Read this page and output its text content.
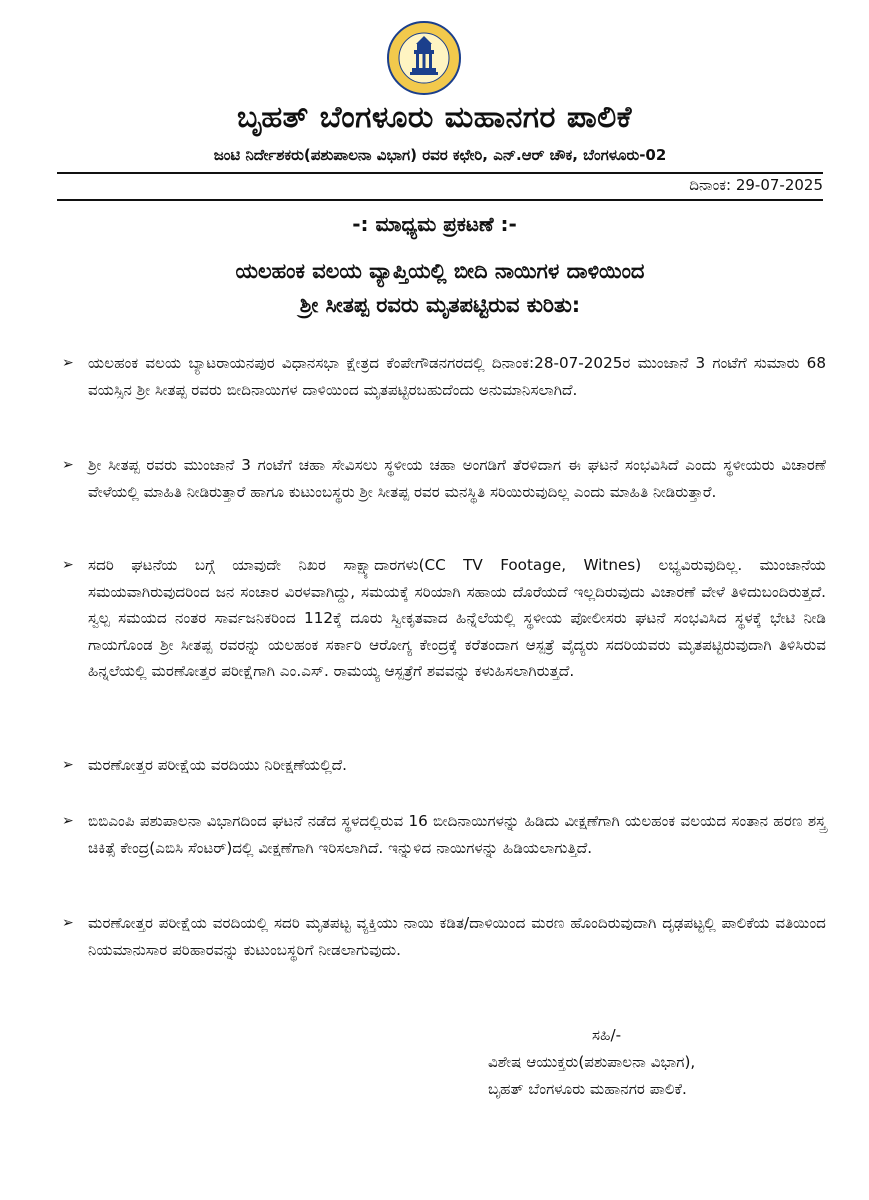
ಬೃಹತ್ ಬೆಂಗಳೂರು ಮಹಾನಗರ ಪಾಲಿಕೆ
ಜಂಟಿ ನಿರ್ದೇಶಕರು(ಪಶುಪಾಲನಾ ವಿಭಾಗ) ರವರ ಕಛೇರಿ, ಎನ್.ಆರ್ ಚೌಕ, ಬೆಂಗಳೂರು-02
ದಿನಾಂಕ: 29-07-2025
-: ಮಾಧ್ಯಮ ಪ್ರಕಟಣೆ :-
ಯಲಹಂಕ ವಲಯ ವ್ಯಾಪ್ತಿಯಲ್ಲಿ ಬೀದಿ ನಾಯಿಗಳ ದಾಳಿಯಿಂದ
ಶ್ರೀ ಸೀತಪ್ಪ ರವರು ಮೃತಪಟ್ಟಿರುವ ಕುರಿತು:
➢ ಯಲಹಂಕ ವಲಯ ಬ್ಯಾಟರಾಯನಪುರ ವಿಧಾನಸಭಾ ಕ್ಷೇತ್ರದ ಕೆಂಪೇಗೌಡನಗರದಲ್ಲಿ ದಿನಾಂಕ:28-07-2025ರ ಮುಂಜಾನೆ 3 ಗಂಟೆಗೆ ಸುಮಾರು 68 ವಯಸ್ಸಿನ ಶ್ರೀ ಸೀತಪ್ಪ ರವರು ಬೀದಿನಾಯಿಗಳ ದಾಳಿಯಿಂದ ಮೃತಪಟ್ಟಿರಬಹುದೆಂದು ಅನುಮಾನಿಸಲಾಗಿದೆ.
➢ ಶ್ರೀ ಸೀತಪ್ಪ ರವರು ಮುಂಜಾನೆ 3 ಗಂಟೆಗೆ ಚಹಾ ಸೇವಿಸಲು ಸ್ಥಳೀಯ ಚಹಾ ಅಂಗಡಿಗೆ ತೆರಳಿದಾಗ ಈ ಘಟನೆ ಸಂಭವಿಸಿದೆ ಎಂದು ಸ್ಥಳೀಯರು ವಿಚಾರಣೆ ವೇಳೆಯಲ್ಲಿ ಮಾಹಿತಿ ನೀಡಿರುತ್ತಾರೆ ಹಾಗೂ ಕುಟುಂಬಸ್ಥರು ಶ್ರೀ ಸೀತಪ್ಪ ರವರ ಮನಸ್ಥಿತಿ ಸರಿಯಿರುವುದಿಲ್ಲ ಎಂದು ಮಾಹಿತಿ ನೀಡಿರುತ್ತಾರೆ.
➢ ಸದರಿ ಘಟನೆಯ ಬಗ್ಗೆ ಯಾವುದೇ ನಿಖರ ಸಾಕ್ಷ್ಯಾದಾರಗಳು(CC TV Footage, Witnes) ಲಭ್ಯವಿರುವುದಿಲ್ಲ. ಮುಂಜಾನೆಯ ಸಮಯವಾಗಿರುವುದರಿಂದ ಜನ ಸಂಚಾರ ವಿರಳವಾಗಿದ್ದು, ಸಮಯಕ್ಕೆ ಸರಿಯಾಗಿ ಸಹಾಯ ದೊರೆಯದೆ ಇಲ್ಲದಿರುವುದು ವಿಚಾರಣೆ ವೇಳೆ ತಿಳಿದುಬಂದಿರುತ್ತದೆ. ಸ್ವಲ್ಪ ಸಮಯದ ನಂತರ ಸಾರ್ವಜನಿಕರಿಂದ 112ಕ್ಕೆ ದೂರು ಸ್ವೀಕೃತವಾದ ಹಿನ್ನೆಲೆಯಲ್ಲಿ ಸ್ಥಳೀಯ ಪೋಲೀಸರು ಘಟನೆ ಸಂಭವಿಸಿದ ಸ್ಥಳಕ್ಕೆ ಭೇಟಿ ನೀಡಿ ಗಾಯಗೊಂಡ ಶ್ರೀ ಸೀತಪ್ಪ ರವರನ್ನು ಯಲಹಂಕ ಸರ್ಕಾರಿ ಆರೋಗ್ಯ ಕೇಂದ್ರಕ್ಕೆ ಕರೆತಂದಾಗ ಆಸ್ಪತ್ರೆ ವೈದ್ಯರು ಸದರಿಯವರು ಮೃತಪಟ್ಟಿರುವುದಾಗಿ ತಿಳಿಸಿರುವ ಹಿನ್ನಲೆಯಲ್ಲಿ ಮರಣೋತ್ತರ ಪರೀಕ್ಷೆಗಾಗಿ ಎಂ.ಎಸ್. ರಾಮಯ್ಯ ಆಸ್ಪತ್ರೆಗೆ ಶವವನ್ನು ಕಳುಹಿಸಲಾಗಿರುತ್ತದೆ.
➢ ಮರಣೋತ್ತರ ಪರೀಕ್ಷೆಯ ವರದಿಯು ನಿರೀಕ್ಷಣೆಯಲ್ಲಿದೆ.
➢ ಬಿಬಿಎಂಪಿ ಪಶುಪಾಲನಾ ವಿಭಾಗದಿಂದ ಘಟನೆ ನಡೆದ ಸ್ಥಳದಲ್ಲಿರುವ 16 ಬೀದಿನಾಯಿಗಳನ್ನು ಹಿಡಿದು ವೀಕ್ಷಣೆಗಾಗಿ ಯಲಹಂಕ ವಲಯದ ಸಂತಾನ ಹರಣ ಶಸ್ತ್ರ ಚಿಕಿತ್ಸೆ ಕೇಂದ್ರ(ಎಬಿಸಿ ಸೆಂಟರ್)ದಲ್ಲಿ ವೀಕ್ಷಣೆಗಾಗಿ ಇರಿಸಲಾಗಿದೆ. ಇನ್ನುಳಿದ ನಾಯಿಗಳನ್ನು ಹಿಡಿಯಲಾಗುತ್ತಿದೆ.
➢ ಮರಣೋತ್ತರ ಪರೀಕ್ಷೆಯ ವರದಿಯಲ್ಲಿ ಸದರಿ ಮೃತಪಟ್ಟ ವ್ಯಕ್ತಿಯು ನಾಯಿ ಕಡಿತ/ದಾಳಿಯಿಂದ ಮರಣ ಹೊಂದಿರುವುದಾಗಿ ದೃಢಪಟ್ಟಲ್ಲಿ ಪಾಲಿಕೆಯ ವತಿಯಿಂದ ನಿಯಮಾನುಸಾರ ಪರಿಹಾರವನ್ನು ಕುಟುಂಬಸ್ಥರಿಗೆ ನೀಡಲಾಗುವುದು.
ಸಹಿ/-
ವಿಶೇಷ ಆಯುಕ್ತರು(ಪಶುಪಾಲನಾ ವಿಭಾಗ),
ಬೃಹತ್ ಬೆಂಗಳೂರು ಮಹಾನಗರ ಪಾಲಿಕೆ.
